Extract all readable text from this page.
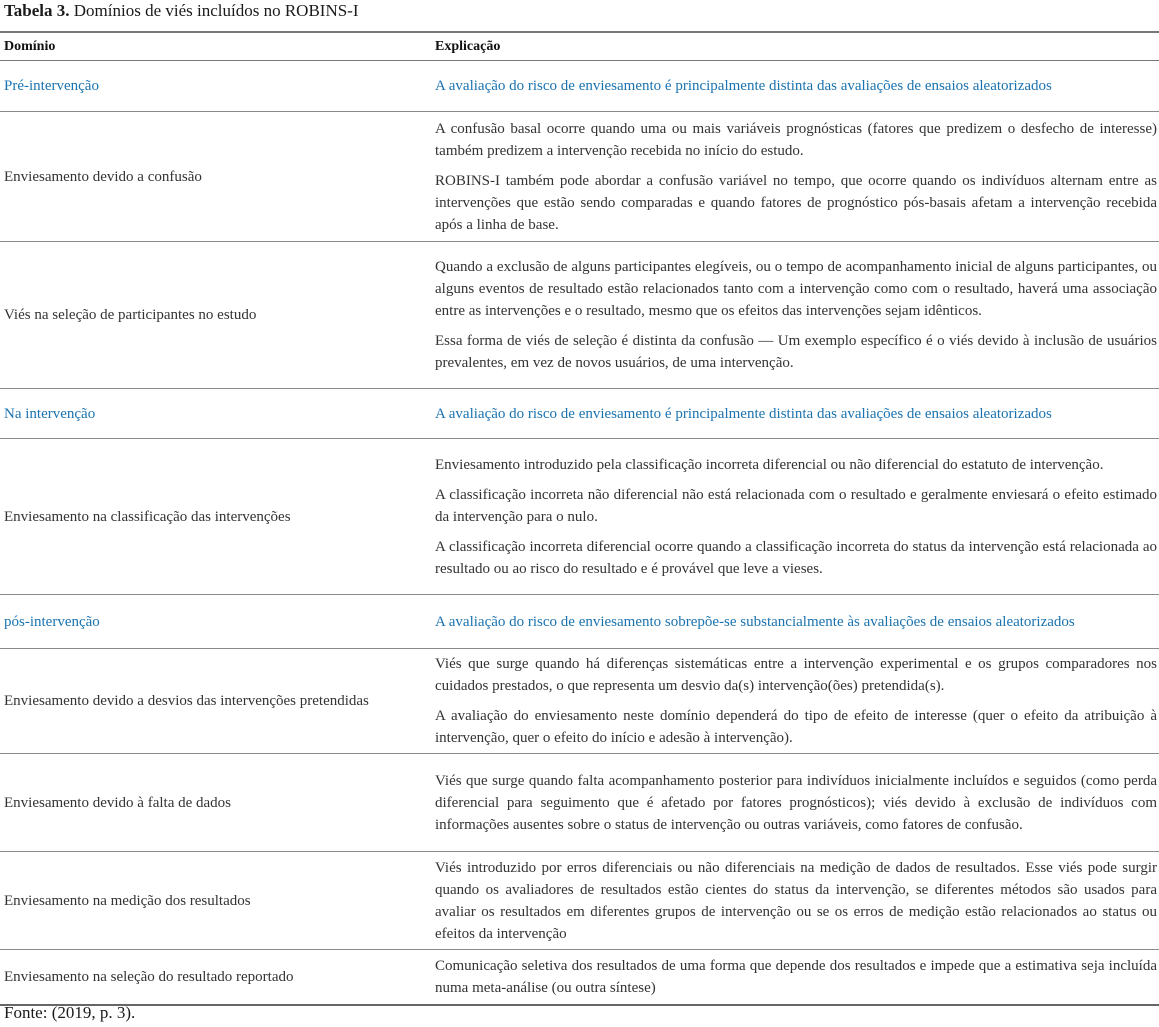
Tabela 3. Domínios de viés incluídos no ROBINS-I
Domínio	Explicação
Pré-intervenção	A avaliação do risco de enviesamento é principalmente distinta das avaliações de ensaios aleatorizados
Enviesamento devido a confusão	A confusão basal ocorre quando uma ou mais variáveis prognósticas (fatores que predizem o desfecho de interesse) também predizem a intervenção recebida no início do estudo.

ROBINS-I também pode abordar a confusão variável no tempo, que ocorre quando os indivíduos alternam entre as intervenções que estão sendo comparadas e quando fatores de prognóstico pós-basais afetam a intervenção recebida após a linha de base.

Viés na seleção de participantes no estudo	Quando a exclusão de alguns participantes elegíveis, ou o tempo de acompanhamento inicial de alguns participantes, ou alguns eventos de resultado estão relacionados tanto com a intervenção como com o resultado, haverá uma associação entre as intervenções e o resultado, mesmo que os efeitos das intervenções sejam idênticos.

Essa forma de viés de seleção é distinta da confusão — Um exemplo específico é o viés devido à inclusão de usuários prevalentes, em vez de novos usuários, de uma intervenção.

Na intervenção	A avaliação do risco de enviesamento é principalmente distinta das avaliações de ensaios aleatorizados
Enviesamento na classificação das intervenções	Enviesamento introduzido pela classificação incorreta diferencial ou não diferencial do estatuto de intervenção.

A classificação incorreta não diferencial não está relacionada com o resultado e geralmente enviesará o efeito estimado da intervenção para o nulo.

A classificação incorreta diferencial ocorre quando a classificação incorreta do status da intervenção está relacionada ao resultado ou ao risco do resultado e é provável que leve a vieses.

pós-intervenção	A avaliação do risco de enviesamento sobrepõe-se substancialmente às avaliações de ensaios aleatorizados
Enviesamento devido a desvios das intervenções pretendidas	Viés que surge quando há diferenças sistemáticas entre a intervenção experimental e os grupos comparadores nos cuidados prestados, o que representa um desvio da(s) intervenção(ões) pretendida(s).

A avaliação do enviesamento neste domínio dependerá do tipo de efeito de interesse (quer o efeito da atribuição à intervenção, quer o efeito do início e adesão à intervenção).

Enviesamento devido à falta de dados	Viés que surge quando falta acompanhamento posterior para indivíduos inicialmente incluídos e seguidos (como perda diferencial para seguimento que é afetado por fatores prognósticos); viés devido à exclusão de indivíduos com informações ausentes sobre o status de intervenção ou outras variáveis, como fatores de confusão.

Enviesamento na medição dos resultados	Viés introduzido por erros diferenciais ou não diferenciais na medição de dados de resultados. Esse viés pode surgir quando os avaliadores de resultados estão cientes do status da intervenção, se diferentes métodos são usados para avaliar os resultados em diferentes grupos de intervenção ou se os erros de medição estão relacionados ao status ou efeitos da intervenção

Enviesamento na seleção do resultado reportado	Comunicação seletiva dos resultados de uma forma que depende dos resultados e impede que a estimativa seja incluída numa meta-análise (ou outra síntese)

Fonte: (2019, p. 3).
